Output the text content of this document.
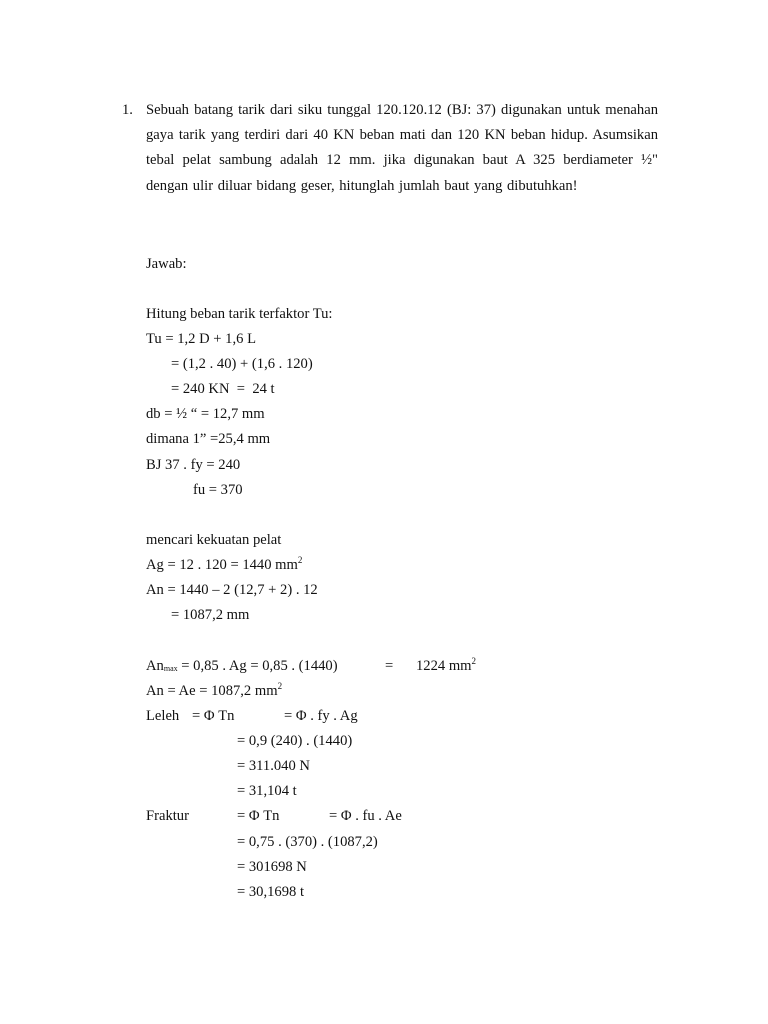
1. Sebuah batang tarik dari siku tunggal 120.120.12 (BJ: 37) digunakan untuk menahan gaya tarik yang terdiri dari 40 KN beban mati dan 120 KN beban hidup. Asumsikan tebal pelat sambung adalah 12 mm. jika digunakan baut A 325 berdiameter ½" dengan ulir diluar bidang geser, hitunglah jumlah baut yang dibutuhkan!
Jawab:
Hitung beban tarik terfaktor Tu:
Tu = 1,2 D + 1,6 L
= (1,2 . 40) + (1,6 . 120)
= 240 KN  =  24 t
db = ½ “ = 12,7 mm
dimana 1” =25,4 mm
BJ 37 . fy = 240
fu = 370
mencari kekuatan pelat
Ag = 12 . 120 = 1440 $mm^2$
An = 1440 – 2 (12,7 + 2) . 12
= 1087,2 mm
$An_{max} = 0,85$ . Ag = 0,85 . (1440)	= 1224 $mm^2$
An = Ae = 1087,2 $mm^2$
Leleh = Φ Tn	= Φ . fy . Ag
= 0,9 (240) . (1440)
= 311.040 N
= 31,104 t
Fraktur	= Φ Tn	= Φ . fu . Ae
= 0,75 . (370) . (1087,2)
= 301698 N
= 30,1698 t
